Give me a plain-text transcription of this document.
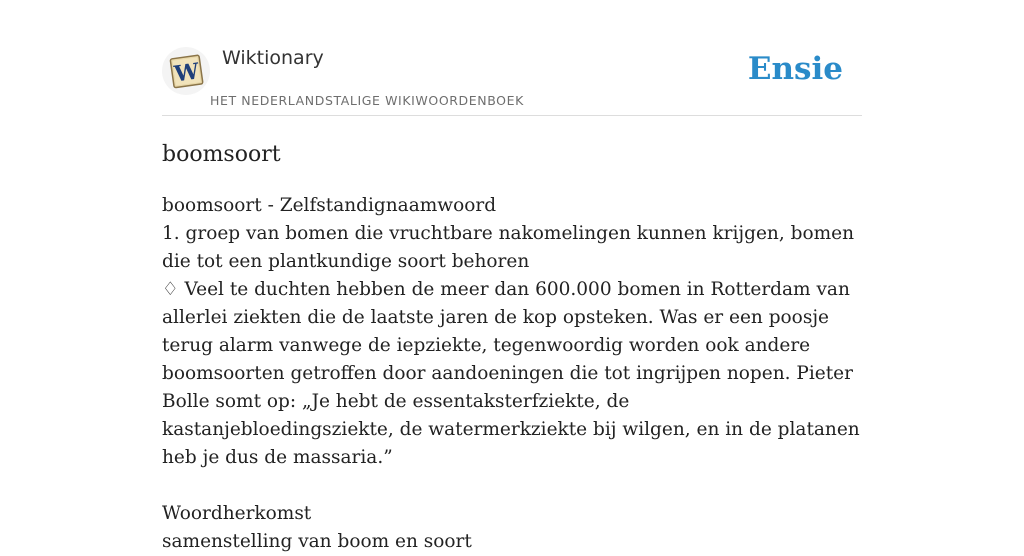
W
Wiktionary
HET NEDERLANDSTALIGE WIKIWOORDENBOEK
Ensie
boomsoort

boomsoort - Zelfstandignaamwoord

1. groep van bomen die vruchtbare nakomelingen kunnen krijgen, bomen die tot een plantkundige soort behoren

♢ Veel te duchten hebben de meer dan 600.000 bomen in Rotterdam van allerlei ziekten die de laatste jaren de kop opsteken. Was er een poosje terug alarm vanwege de iepziekte, tegenwoordig worden ook andere boomsoorten getroffen door aandoeningen die tot ingrijpen nopen. Pieter Bolle somt op: „Je hebt de essentaksterfziekte, de kastanjebloedingsziekte, de watermerkziekte bij wilgen, en in de platanen heb je dus de massaria.”

Woordherkomst

samenstelling van boom en soort
